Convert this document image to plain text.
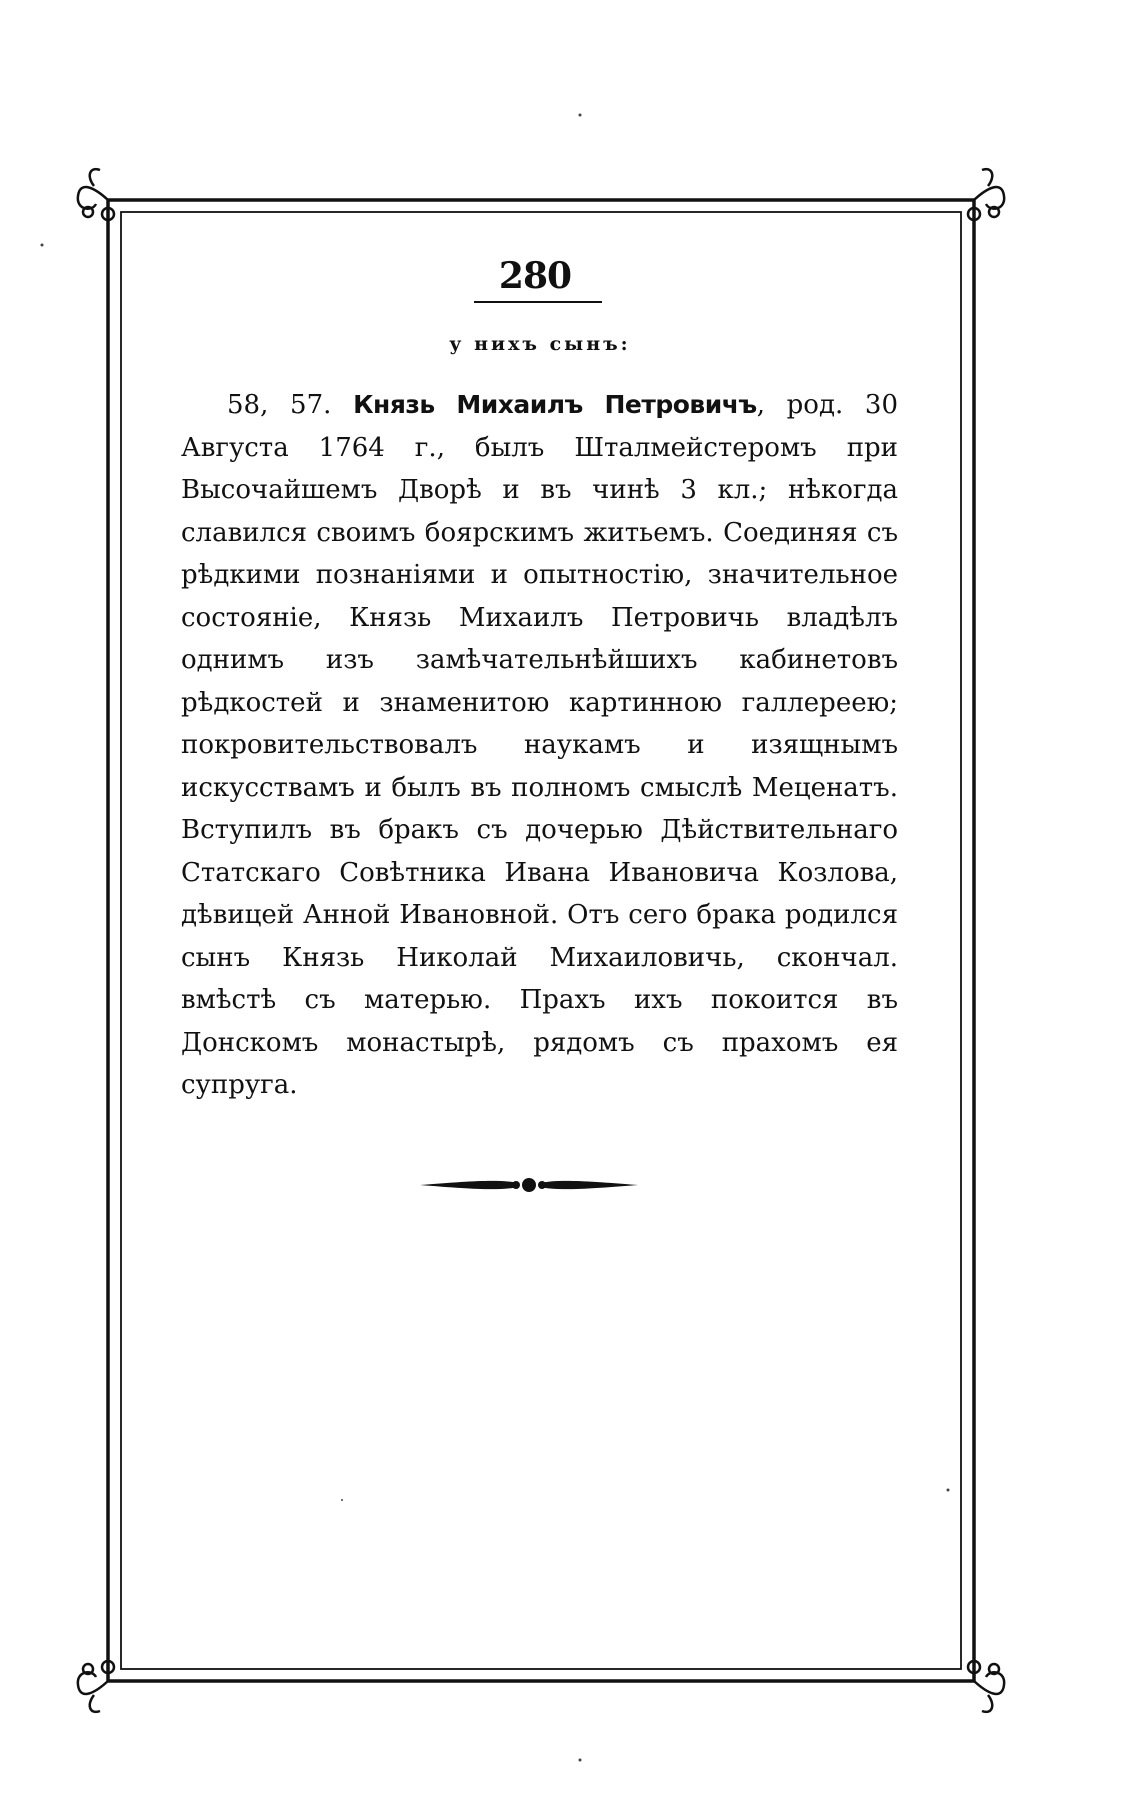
280
у нихъ сынъ:

58, 57. Князь Михаилъ Петровичъ, род. 30 Августа 1764 г., былъ Шталмейстеромъ при Высочайшемъ Дворѣ и въ чинѣ 3 кл.; нѣкогда славился своимъ боярскимъ житьемъ. Соединяя съ рѣдкими познаніями и опытностію, значительное состояніе, Князь Михаилъ Петровичь владѣлъ однимъ изъ замѣчательнѣйшихъ кабинетовъ рѣдкостей и знаменитою картинною галлереею; покровительствовалъ наукамъ и изящнымъ искусствамъ и былъ въ полномъ смыслѣ Меценатъ. Вступилъ въ бракъ съ дочерью Дѣйствительнаго Статскаго Совѣтника Ивана Ивановича Козлова, дѣвицей Анной Ивановной. Отъ сего брака родился сынъ Князь Николай Михаиловичь, скончал. вмѣстѣ съ матерью. Прахъ ихъ покоится въ Донскомъ монастырѣ, рядомъ съ прахомъ ея супруга.
